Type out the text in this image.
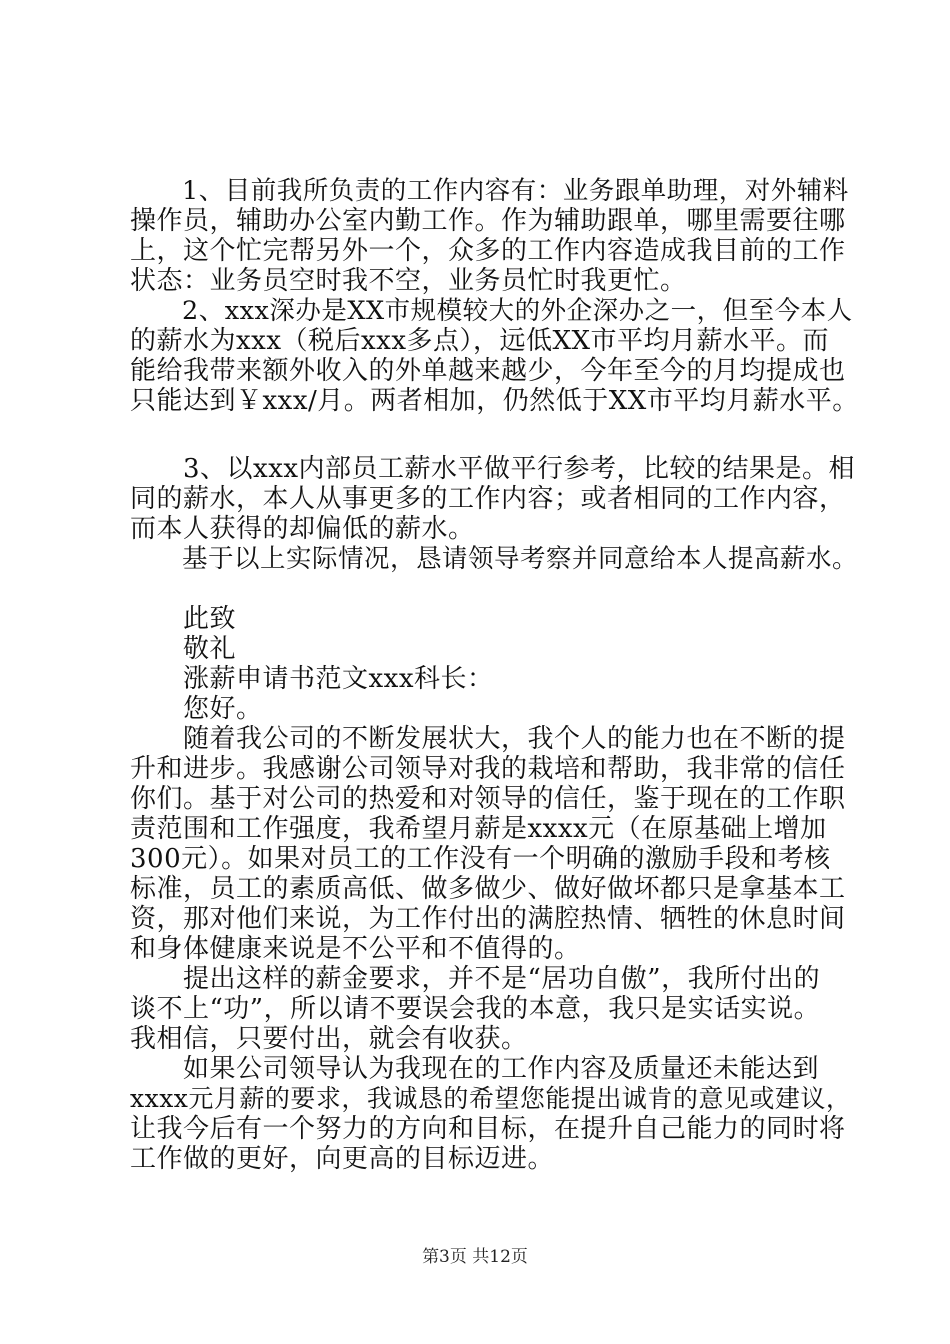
　　1、目前我所负责的工作内容有：业务跟单助理，对外辅料
操作员，辅助办公室内勤工作。作为辅助跟单，哪里需要往哪
上，这个忙完帮另外一个，众多的工作内容造成我目前的工作
状态：业务员空时我不空，业务员忙时我更忙。
　　2、xxx深办是XX市规模较大的外企深办之一，但至今本人
的薪水为xxx（税后xxx多点），远低XX市平均月薪水平。而
能给我带来额外收入的外单越来越少，今年至今的月均提成也
只能达到￥xxx/月。两者相加，仍然低于XX市平均月薪水平。
　　3、以xxx内部员工薪水平做平行参考，比较的结果是。相
同的薪水，本人从事更多的工作内容；或者相同的工作内容，
而本人获得的却偏低的薪水。
　　基于以上实际情况，恳请领导考察并同意给本人提高薪水。
　　此致
　　敬礼
　　涨薪申请书范文xxx科长：
　　您好。
　　随着我公司的不断发展状大，我个人的能力也在不断的提
升和进步。我感谢公司领导对我的栽培和帮助，我非常的信任
你们。基于对公司的热爱和对领导的信任，鉴于现在的工作职
责范围和工作强度，我希望月薪是xxxx元（在原基础上增加
300元）。如果对员工的工作没有一个明确的激励手段和考核
标准，员工的素质高低、做多做少、做好做坏都只是拿基本工
资，那对他们来说，为工作付出的满腔热情、牺牲的休息时间
和身体健康来说是不公平和不值得的。
　　提出这样的薪金要求，并不是“居功自傲”，我所付出的
谈不上“功”，所以请不要误会我的本意，我只是实话实说。
我相信，只要付出，就会有收获。
　　如果公司领导认为我现在的工作内容及质量还未能达到
xxxx元月薪的要求，我诚恳的希望您能提出诚肯的意见或建议，
让我今后有一个努力的方向和目标，在提升自己能力的同时将
工作做的更好，向更高的目标迈进。
第3页 共12页
